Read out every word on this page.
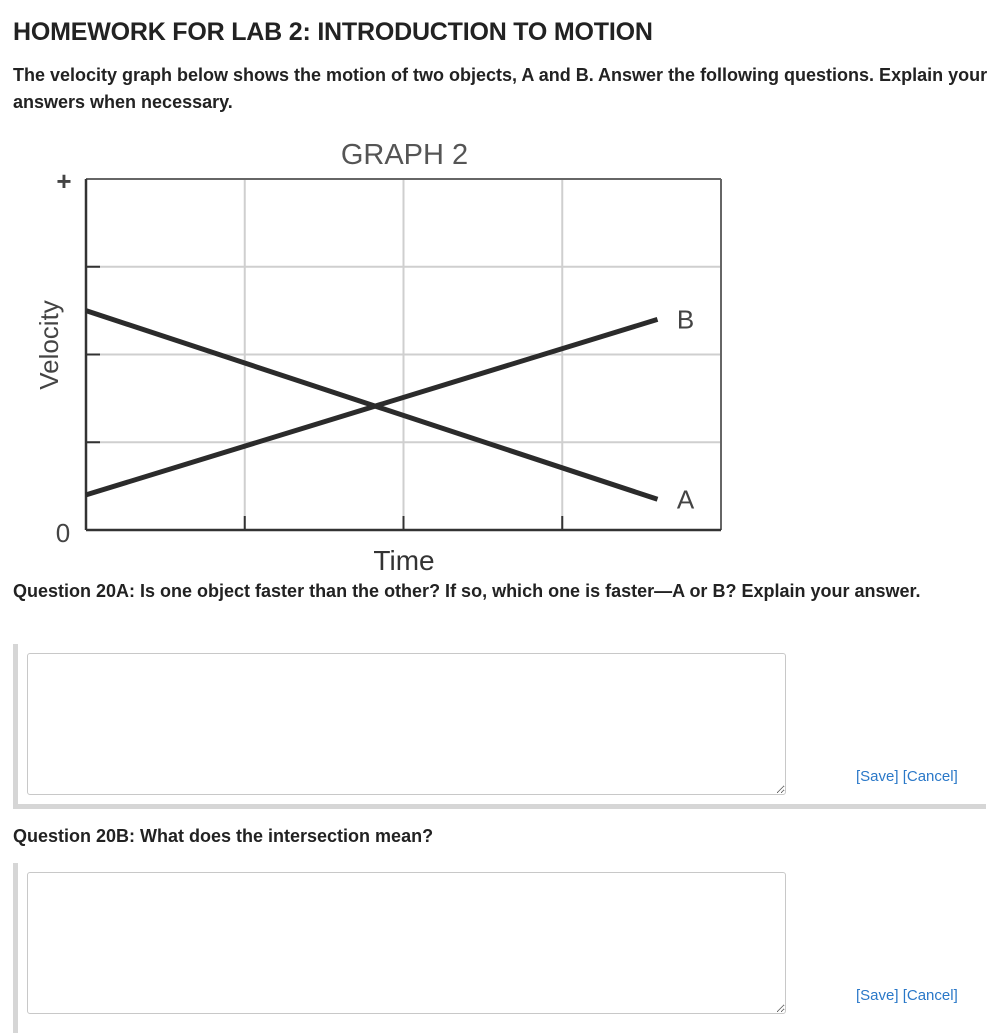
HOMEWORK FOR LAB 2: INTRODUCTION TO MOTION

The velocity graph below shows the motion of two objects, A and B. Answer the following questions. Explain your answers when necessary.

A
B
GRAPH 2
Time
Velocity
+
0

Question 20A: Is one object faster than the other? If so, which one is faster—A or B? Explain your answer.

[Save] [Cancel]

Question 20B: What does the intersection mean?

[Save] [Cancel]
